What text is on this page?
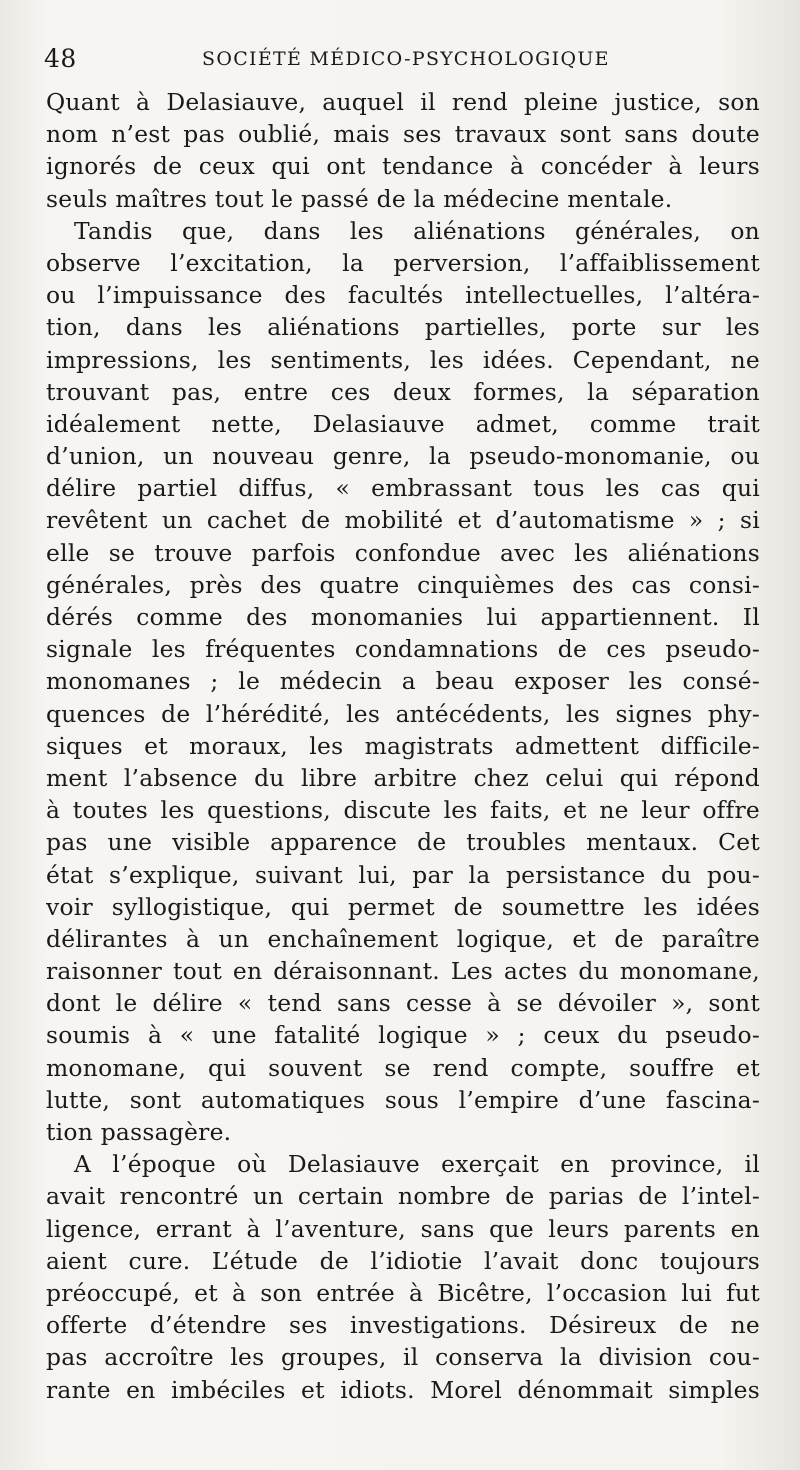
48	SOCIÉTÉ MÉDICO-PSYCHOLOGIQUE
Quant à Delasiauve, auquel il rend pleine justice, son
nom n’est pas oublié, mais ses travaux sont sans doute
ignorés de ceux qui ont tendance à concéder à leurs
seuls maîtres tout le passé de la médecine mentale.
Tandis que, dans les aliénations générales, on
observe l’excitation, la perversion, l’affaiblissement
ou l’impuissance des facultés intellectuelles, l’altéra-
tion, dans les aliénations partielles, porte sur les
impressions, les sentiments, les idées. Cependant, ne
trouvant pas, entre ces deux formes, la séparation
idéalement nette, Delasiauve admet, comme trait
d’union, un nouveau genre, la pseudo-monomanie, ou
délire partiel diffus, « embrassant tous les cas qui
revêtent un cachet de mobilité et d’automatisme » ; si
elle se trouve parfois confondue avec les aliénations
générales, près des quatre cinquièmes des cas consi-
dérés comme des monomanies lui appartiennent. Il
signale les fréquentes condamnations de ces pseudo-
monomanes ; le médecin a beau exposer les consé-
quences de l’hérédité, les antécédents, les signes phy-
siques et moraux, les magistrats admettent difficile-
ment l’absence du libre arbitre chez celui qui répond
à toutes les questions, discute les faits, et ne leur offre
pas une visible apparence de troubles mentaux. Cet
état s’explique, suivant lui, par la persistance du pou-
voir syllogistique, qui permet de soumettre les idées
délirantes à un enchaînement logique, et de paraître
raisonner tout en déraisonnant. Les actes du monomane,
dont le délire « tend sans cesse à se dévoiler », sont
soumis à « une fatalité logique » ; ceux du pseudo-
monomane, qui souvent se rend compte, souffre et
lutte, sont automatiques sous l’empire d’une fascina-
tion passagère.
A l’époque où Delasiauve exerçait en province, il
avait rencontré un certain nombre de parias de l’intel-
ligence, errant à l’aventure, sans que leurs parents en
aient cure. L’étude de l’idiotie l’avait donc toujours
préoccupé, et à son entrée à Bicêtre, l’occasion lui fut
offerte d’étendre ses investigations. Désireux de ne
pas accroître les groupes, il conserva la division cou-
rante en imbéciles et idiots. Morel dénommait simples
